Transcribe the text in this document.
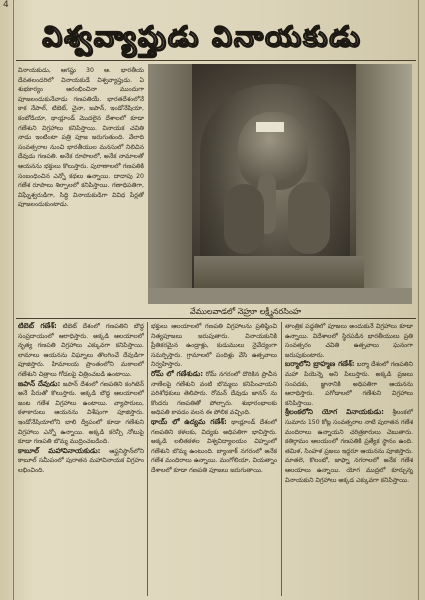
4
విశ్వవ్యాప్తుడు వినాయకుడు

వినాయకుడు, ఆగష్టు 30 ఆ. భారతీయ దేవతలందరిలో వినాయకుడే విశ్వవ్యాప్తుడు. ఏ శుభకార్యం ఆరంభించినా ముందుగా పూజలందుకునేవాడు గణపతియే. భారతదేశంలోనే కాక నేపాల్, టిబెట్, చైనా, జపాన్, ఇండోనేషియా, కంబోడియా, థాయ్లాండ్ మొదలైన దేశాలలో కూడా గణేశుని విగ్రహాలు కనిపిస్తాయి. వినాయక చవితి నాడు ఇంటింటా పత్రి పూజ జరుగుతుంది. వేలాది సంవత్సరాల నుంచి భారతీయుల మనసులో నిలిచిన దేవుడు గణపతి. అనేక రూపాలలో, అనేక నామాలతో ఆయనను భక్తులు కొలుస్తారు. పురాణాలలో గణపతికి సంబంధించిన ఎన్నో కథలు ఉన్నాయి. దాదాపు 20 గణేశ రూపాలు శిల్పాలలో కనిపిస్తాయి. గణాధిపతిగా, విఘ్నేశ్వరుడిగా, సిద్ధి వినాయకుడిగా వివిధ పేర్లతో పూజలందుకుంటాడు.

వేములవాడలో నెహ్రూ లక్ష్మీనరసింహ

టిబెట్ గణేశ్: టిబెట్ దేశంలో గణపతిని బౌద్ధ సంప్రదాయంలో ఆరాధిస్తారు. అక్కడి ఆలయాలలో నృత్య గణపతి విగ్రహాలు ఎక్కువగా కనిపిస్తాయి. లామాలు ఆయనను విఘ్నాలు తొలగించే దేవుడిగా పూజిస్తారు. హిమాలయ ప్రాంతంలోని మఠాలలో గణేశుని చిత్రాలు గోడలపై చిత్రించబడి ఉంటాయి.

జపాన్ దేవుడు: జపాన్ దేశంలో గణపతిని కంగిటెన్ అనే పేరుతో కొలుస్తారు. అక్కడి బౌద్ధ ఆలయాలలో జంట గణేశ విగ్రహాలు ఉంటాయి. వ్యాపారులు, కళాకారులు ఆయనను విశేషంగా పూజిస్తారు. ఇండోనేషియాలోని బాలి ద్వీపంలో కూడా గణేశుని విగ్రహాలు ఎన్నో ఉన్నాయి. అక్కడి కరెన్సీ నోటుపై కూడా గణపతి బొమ్మ ముద్రించబడింది.

కాబూల్ మహావినాయకుడు: ఆఫ్ఘనిస్థాన్‌లోని కాబూల్ సమీపంలో పురాతన మహావినాయక విగ్రహం లభించింది.

భక్తులు ఆలయాలలో గణపతి విగ్రహాలను ప్రతిష్ఠించి నిత్యపూజలు జరుపుతారు. వినాయకునికి ప్రీతికరమైన ఉండ్రాళ్లు, కుడుములు నైవేద్యంగా సమర్పిస్తారు. గ్రామాలలో పందిళ్లు వేసి ఉత్సవాలు నిర్వహిస్తారు.

రోమ్ లో గణేశుడు: రోమ్ నగరంలో దొరికిన ప్రాచీన నాణేలపై గణేశుని వంటి బొమ్మలు కనిపించాయని పరిశోధకులు తెలిపారు. రోమన్ దేవుడు జానస్ ను కొందరు గణపతితో పోల్చారు. శుభారంభాలకు అధిపతి కావడం వలన ఈ పోలిక వచ్చింది.

థాయ్ లో ఉద్యమ గణేశ్: థాయ్లాండ్ దేశంలో గణపతిని కళలకు, విద్యకు అధిపతిగా భావిస్తారు. అక్కడి లలితకళల విశ్వవిద్యాలయం చిహ్నంలో గణేశుని బొమ్మ ఉంటుంది. బ్యాంకాక్ నగరంలో అనేక గణేశ మందిరాలు ఉన్నాయి. మంగోలియా, వియత్నాం దేశాలలో కూడా గణపతి పూజలు జరుగుతాయి.

తాంత్రిక పద్ధతిలో పూజలు అందుకునే విగ్రహాలు కూడా ఉన్నాయి. విదేశాలలో స్థిరపడిన భారతీయులు ప్రతి సంవత్సరం చవితి ఉత్సవాలు ఘనంగా జరుపుకుంటారు.

బర్మాలోని బ్రాహ్మణ గణేశ్: బర్మా దేశంలో గణపతిని మహా పియెన్నె అని పిలుస్తారు. అక్కడి ప్రజలు సంపదకు, జ్ఞానానికి అధిపతిగా ఆయనను ఆరాధిస్తారు. పగోడాలలో గణేశుని విగ్రహాలు కనిపిస్తాయి.

శ్రీలంకలోని యోగ వినాయకుడు: శ్రీలంకలో సుమారు 150 కోట్ల సంవత్సరాల నాటి పురాతన గణేశ మందిరాలు ఉన్నాయని చరిత్రకారులు చెబుతారు. కతిర్గామం ఆలయంలో గణపతికి ప్రత్యేక స్థానం ఉంది. తమిళ, సింహళ ప్రజలు ఇద్దరూ ఆయనను పూజిస్తారు. మాతలె, కొలంబో, జాఫ్నా నగరాలలో అనేక గణేశ ఆలయాలు ఉన్నాయి. యోగ ముద్రలో కూర్చున్న వినాయకుని విగ్రహాలు అక్కడ ఎక్కువగా కనిపిస్తాయి.
